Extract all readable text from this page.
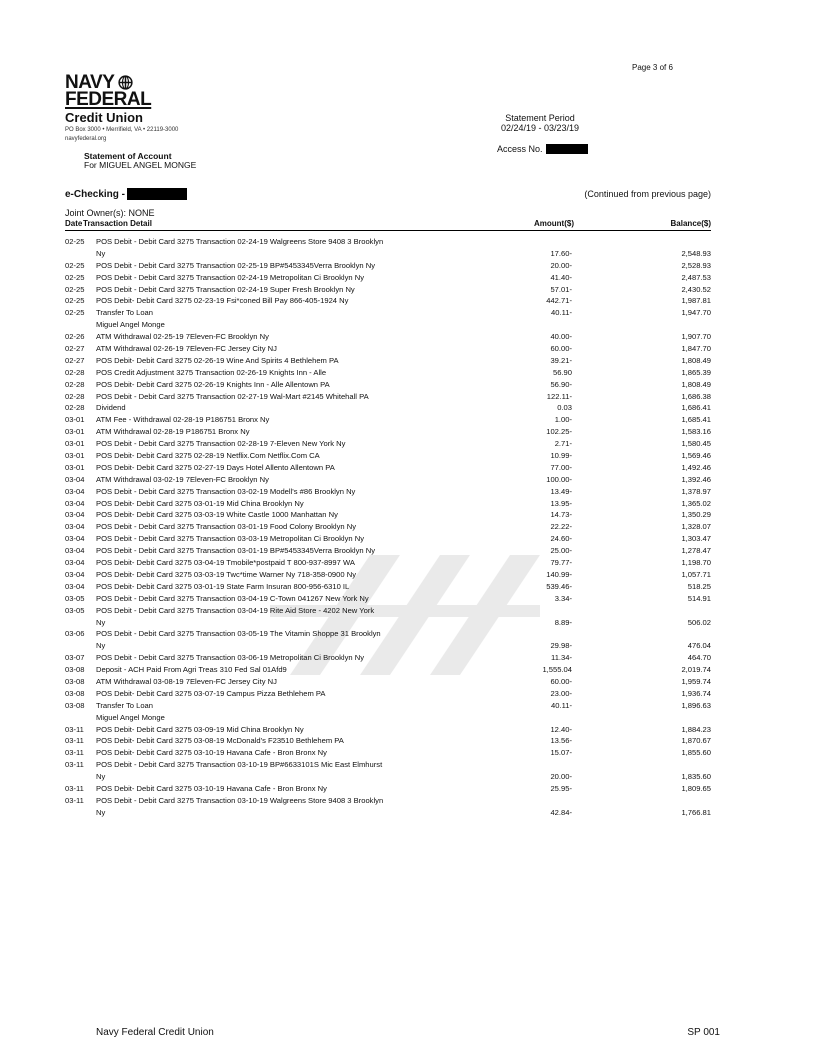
Page 3 of 6
NAVY
FEDERAL
Credit Union
PO Box 3000 • Merrifield, VA • 22119-3000
navyfederal.org
Statement Period
02/24/19 - 03/23/19
Access No.
Statement of Account
For MIGUEL ANGEL MONGE
e-Checking -	(Continued from previous page)
Joint Owner(s): NONE
Date Transaction Detail	Amount($)	Balance($)
02-25 POS Debit - Debit Card 3275 Transaction 02-24-19 Walgreens Store 9408 3 Brooklyn
Ny	17.60-	2,548.93
02-25 POS Debit - Debit Card 3275 Transaction 02-25-19 BP#5453345Verra Brooklyn Ny	20.00-	2,528.93
02-25 POS Debit - Debit Card 3275 Transaction 02-24-19 Metropolitan Ci Brooklyn Ny	41.40-	2,487.53
02-25 POS Debit - Debit Card 3275 Transaction 02-24-19 Super Fresh Brooklyn Ny	57.01-	2,430.52
02-25 POS Debit- Debit Card 3275 02-23-19 Fsi*coned Bill Pay 866-405-1924 Ny	442.71-	1,987.81
02-25 Transfer To Loan	40.11-	1,947.70
Miguel Angel Monge
02-26 ATM Withdrawal 02-25-19 7Eleven-FC Brooklyn Ny	40.00-	1,907.70
02-27 ATM Withdrawal 02-26-19 7Eleven-FC Jersey City NJ	60.00-	1,847.70
02-27 POS Debit- Debit Card 3275 02-26-19 Wine And Spirits 4 Bethlehem PA	39.21-	1,808.49
02-28 POS Credit Adjustment 3275 Transaction 02-26-19 Knights Inn - Alle	56.90	1,865.39
02-28 POS Debit- Debit Card 3275 02-26-19 Knights Inn - Alle Allentown PA	56.90-	1,808.49
02-28 POS Debit - Debit Card 3275 Transaction 02-27-19 Wal-Mart #2145 Whitehall PA	122.11-	1,686.38
02-28 Dividend	0.03	1,686.41
03-01 ATM Fee - Withdrawal 02-28-19 P186751 Bronx Ny	1.00-	1,685.41
03-01 ATM Withdrawal 02-28-19 P186751 Bronx Ny	102.25-	1,583.16
03-01 POS Debit - Debit Card 3275 Transaction 02-28-19 7-Eleven New York Ny	2.71-	1,580.45
03-01 POS Debit- Debit Card 3275 02-28-19 Netflix.Com Netflix.Com CA	10.99-	1,569.46
03-01 POS Debit- Debit Card 3275 02-27-19 Days Hotel Allento Allentown PA	77.00-	1,492.46
03-04 ATM Withdrawal 03-02-19 7Eleven-FC Brooklyn Ny	100.00-	1,392.46
03-04 POS Debit - Debit Card 3275 Transaction 03-02-19 Modell's #86 Brooklyn Ny	13.49-	1,378.97
03-04 POS Debit- Debit Card 3275 03-01-19 Mid China Brooklyn Ny	13.95-	1,365.02
03-04 POS Debit- Debit Card 3275 03-03-19 White Castle 1000 Manhattan Ny	14.73-	1,350.29
03-04 POS Debit - Debit Card 3275 Transaction 03-01-19 Food Colony Brooklyn Ny	22.22-	1,328.07
03-04 POS Debit - Debit Card 3275 Transaction 03-03-19 Metropolitan Ci Brooklyn Ny	24.60-	1,303.47
03-04 POS Debit - Debit Card 3275 Transaction 03-01-19 BP#5453345Verra Brooklyn Ny	25.00-	1,278.47
03-04 POS Debit- Debit Card 3275 03-04-19 Tmobile*postpaid T 800-937-8997 WA	79.77-	1,198.70
03-04 POS Debit- Debit Card 3275 03-03-19 Twc*time Warner Ny 718-358-0900 Ny	140.99-	1,057.71
03-04 POS Debit- Debit Card 3275 03-01-19 State Farm Insuran 800-956-6310 IL	539.46-	518.25
03-05 POS Debit - Debit Card 3275 Transaction 03-04-19 C-Town 041267 New York Ny	3.34-	514.91
03-05 POS Debit - Debit Card 3275 Transaction 03-04-19 Rite Aid Store - 4202 New York
Ny	8.89-	506.02
03-06 POS Debit - Debit Card 3275 Transaction 03-05-19 The Vitamin Shoppe 31 Brooklyn
Ny	29.98-	476.04
03-07 POS Debit - Debit Card 3275 Transaction 03-06-19 Metropolitan Ci Brooklyn Ny	11.34-	464.70
03-08 Deposit - ACH Paid From Agri Treas 310 Fed Sal 01Afd9	1,555.04	2,019.74
03-08 ATM Withdrawal 03-08-19 7Eleven-FC Jersey City NJ	60.00-	1,959.74
03-08 POS Debit- Debit Card 3275 03-07-19 Campus Pizza Bethlehem PA	23.00-	1,936.74
03-08 Transfer To Loan	40.11-	1,896.63
Miguel Angel Monge
03-11 POS Debit- Debit Card 3275 03-09-19 Mid China Brooklyn Ny	12.40-	1,884.23
03-11 POS Debit- Debit Card 3275 03-08-19 McDonald's F23510 Bethlehem PA	13.56-	1,870.67
03-11 POS Debit- Debit Card 3275 03-10-19 Havana Cafe - Bron Bronx Ny	15.07-	1,855.60
03-11 POS Debit - Debit Card 3275 Transaction 03-10-19 BP#6633101S Mic East Elmhurst
Ny	20.00-	1,835.60
03-11 POS Debit- Debit Card 3275 03-10-19 Havana Cafe - Bron Bronx Ny	25.95-	1,809.65
03-11 POS Debit - Debit Card 3275 Transaction 03-10-19 Walgreens Store 9408 3 Brooklyn
Ny	42.84-	1,766.81
Navy Federal Credit Union	SP 001
